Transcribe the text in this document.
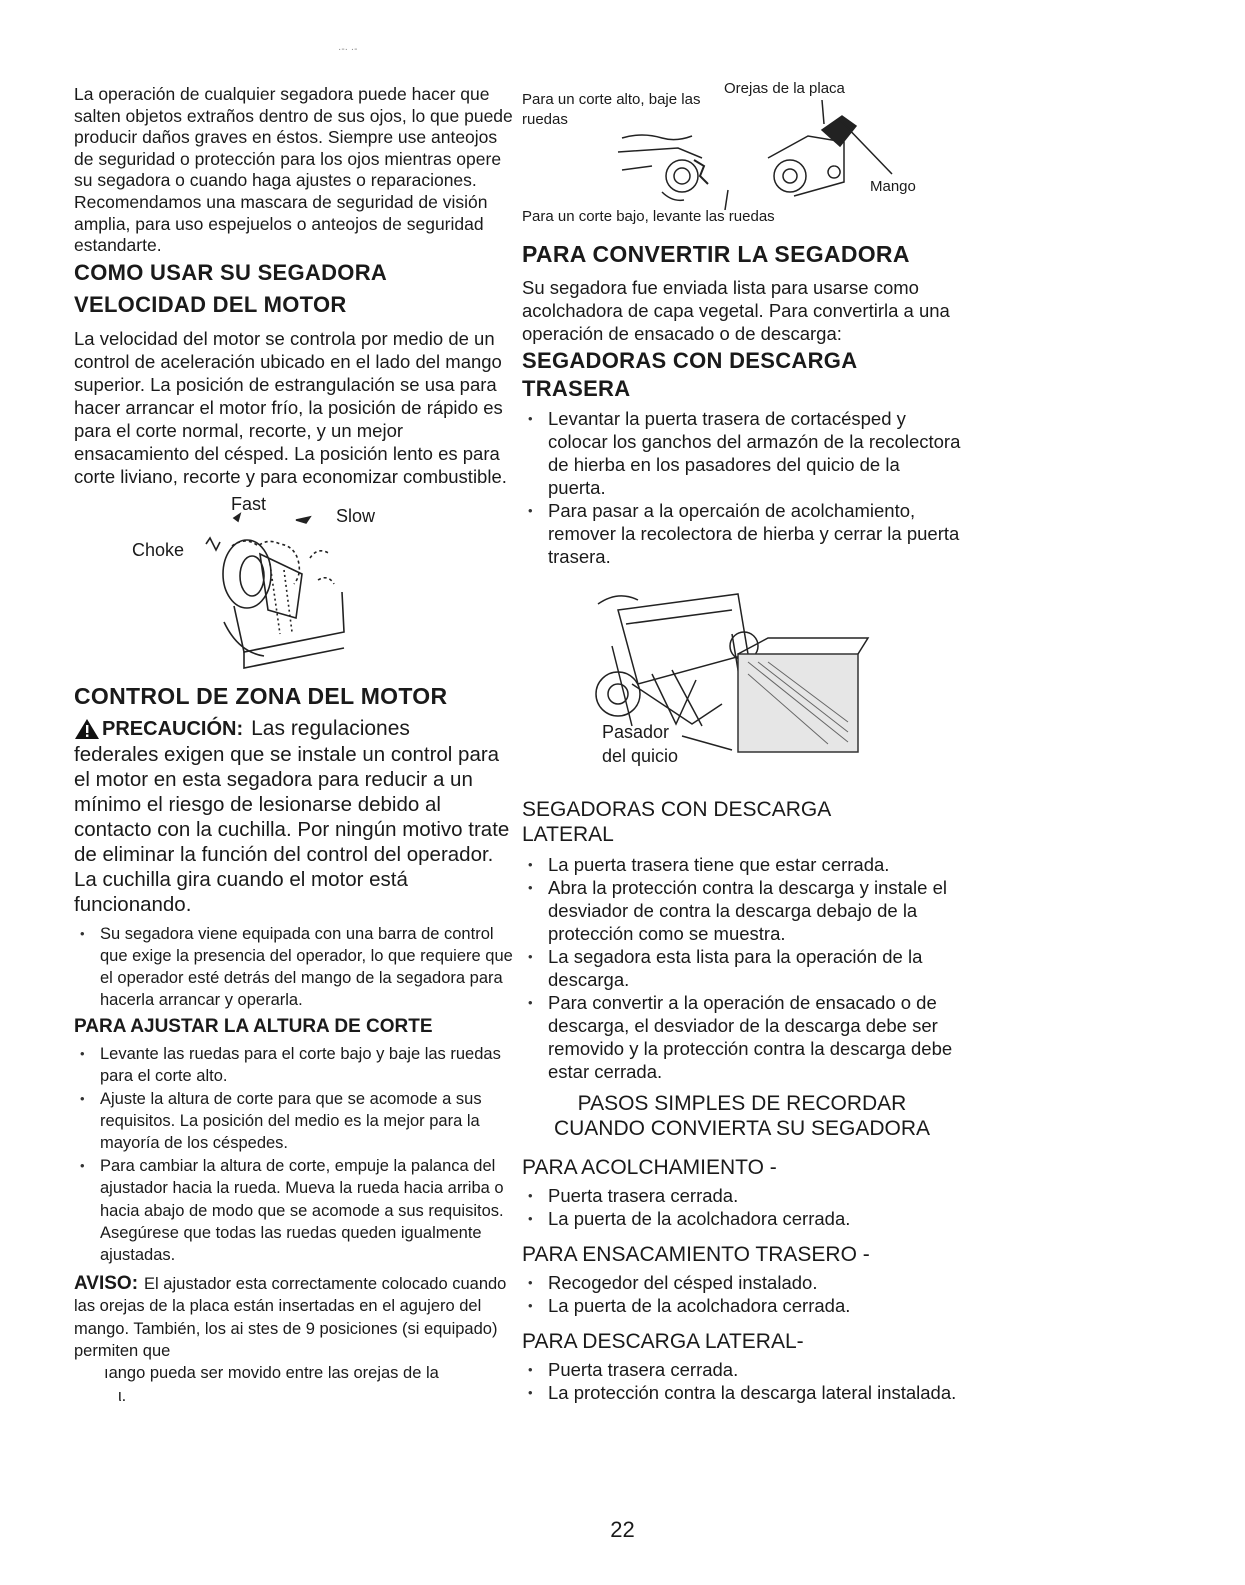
·-· ·-

La operación de cualquier segadora puede hacer que salten objetos extraños dentro de sus ojos, lo que puede producir daños graves en éstos. Siempre use anteojos de seguridad o protección para los ojos mientras opere su segadora o cuando haga ajustes o reparaciones. Recomendamos una mascara de seguridad de visión amplia, para uso espejuelos o anteojos de seguridad estandarte.

COMO USAR SU SEGADORA
VELOCIDAD DEL MOTOR

La velocidad del motor se controla por medio de un control de aceleración ubicado en el lado del mango superior. La posición de estrangulación se usa para hacer arrancar el motor frío, la posición de rápido es para el corte normal, recorte, y un mejor ensacamiento del césped. La posición lento es para corte liviano, recorte y para economizar combustible.

Fast
Slow
Choke
CONTROL DE ZONA DEL MOTOR
PRECAUCIÓN: Las regulaciones

federales exigen que se instale un control para el motor en esta segadora para reducir a un mínimo el riesgo de lesionarse debido al contacto con la cuchilla. Por ningún motivo trate de eliminar la función del control del operador. La cuchilla gira cuando el motor está funcionando.

• Su segadora viene equipada con una barra de control que exige la presencia del operador, lo que requiere que el operador esté detrás del mango de la segadora para hacerla arrancar y operarla.
PARA AJUSTAR LA ALTURA DE CORTE
• Levante las ruedas para el corte bajo y baje las ruedas para el corte alto.
• Ajuste la altura de corte para que se acomode a sus requisitos. La posición del medio es la mejor para la mayoría de los céspedes.
• Para cambiar la altura de corte, empuje la palanca del ajustador hacia la rueda. Mueva la rueda hacia arriba o hacia abajo de modo que se acomode a sus requisitos. Asegúrese que todas las ruedas queden igualmente ajustadas.

AVISO: El ajustador esta correctamente colocado cuando las orejas de la placa están insertadas en el agujero del mango. También, los ai stes de 9 posiciones (si equipado) permiten que

ıango pueda ser movido entre las orejas de la

ι.

Para un corte alto, baje las ruedas
Orejas de la placa
Mango
Para un corte bajo, levante las ruedas
PARA CONVERTIR LA SEGADORA

Su segadora fue enviada lista para usarse como acolchadora de capa vegetal. Para convertirla a una operación de ensacado o de descarga:

SEGADORAS CON DESCARGA TRASERA
• Levantar la puerta trasera de cortacésped y colocar los ganchos del armazón de la recolectora de hierba en los pasadores del quicio de la puerta.
• Para pasar a la opercaión de acolchamiento, remover la recolectora de hierba y cerrar la puerta trasera.
Pasador
del quicio
SEGADORAS CON DESCARGA LATERAL
• La puerta trasera tiene que estar cerrada.
• Abra la protección contra la descarga y instale el desviador de contra la descarga debajo de la protección como se muestra.
• La segadora esta lista para la operación de la descarga.
• Para convertir a la operación de ensacado o de descarga, el desviador de la descarga debe ser removido y la protección contra la descarga debe estar cerrada.
PASOS SIMPLES DE RECORDAR CUANDO CONVIERTA SU SEGADORA
PARA ACOLCHAMIENTO -
• Puerta trasera cerrada.
• La puerta de la acolchadora cerrada.
PARA ENSACAMIENTO TRASERO -
• Recogedor del césped instalado.
• La puerta de la acolchadora cerrada.
PARA DESCARGA LATERAL-
• Puerta trasera cerrada.
• La protección contra la descarga lateral instalada.
22
